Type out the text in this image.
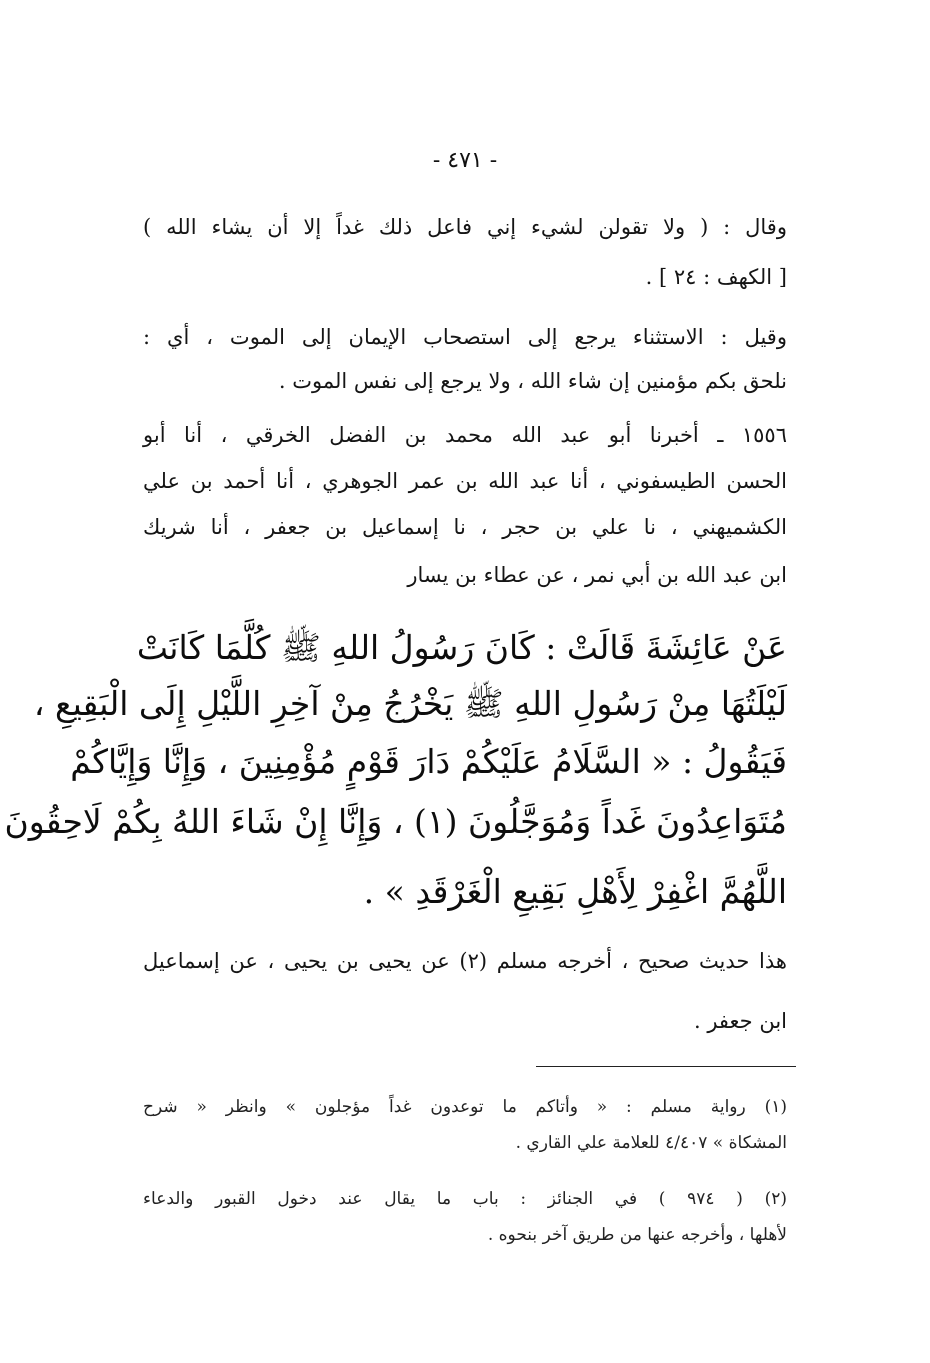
- ٤٧١ -
وقال : ( ولا تقولن لشيء إني فاعل ذلك غداً إلا أن يشاء الله )
[ الكهف : ٢٤ ] .
وقيل : الاستثناء يرجع إلى استصحاب الإيمان إلى الموت ، أي :
نلحق بكم مؤمنين إن شاء الله ، ولا يرجع إلى نفس الموت .
١٥٥٦ ـ أخبرنا أبو عبد الله محمد بن الفضل الخرقي ، أنا أبو
الحسن الطيسفوني ، أنا عبد الله بن عمر الجوهري ، أنا أحمد بن علي
الكشميهني ، نا علي بن حجر ، نا إسماعيل بن جعفر ، أنا شريك
ابن عبد الله بن أبي نمر ، عن عطاء بن يسار
عَنْ عَائِشَةَ قَالَتْ : كَانَ رَسُولُ اللهِ ﷺ كُلَّمَا كَانَتْ
لَيْلَتُهَا مِنْ رَسُولِ اللهِ ﷺ يَخْرُجُ مِنْ آخِرِ اللَّيْلِ إِلَى الْبَقِيعِ ،
فَيَقُولُ : « السَّلَامُ عَلَيْكُمْ دَارَ قَوْمٍ مُؤْمِنِينَ ، وَإِنَّا وَإِيَّاكُمْ
مُتَوَاعِدُونَ غَداً وَمُوَجَّلُونَ (١) ، وَإِنَّا إِنْ شَاءَ اللهُ بِكُمْ لَاحِقُونَ
اللَّهُمَّ اغْفِرْ لِأَهْلِ بَقِيعِ الْغَرْقَدِ » .
هذا حديث صحيح ، أخرجه مسلم (٢) عن يحيى بن يحيى ، عن إسماعيل
ابن جعفر .
(١) رواية مسلم : « وأتاكم ما توعدون غداً مؤجلون » وانظر « شرح
المشكاة » ٤/٤٠٧ للعلامة علي القاري .
(٢) ( ٩٧٤ ) في الجنائز : باب ما يقال عند دخول القبور والدعاء
لأهلها ، وأخرجه عنها من طريق آخر بنحوه .
